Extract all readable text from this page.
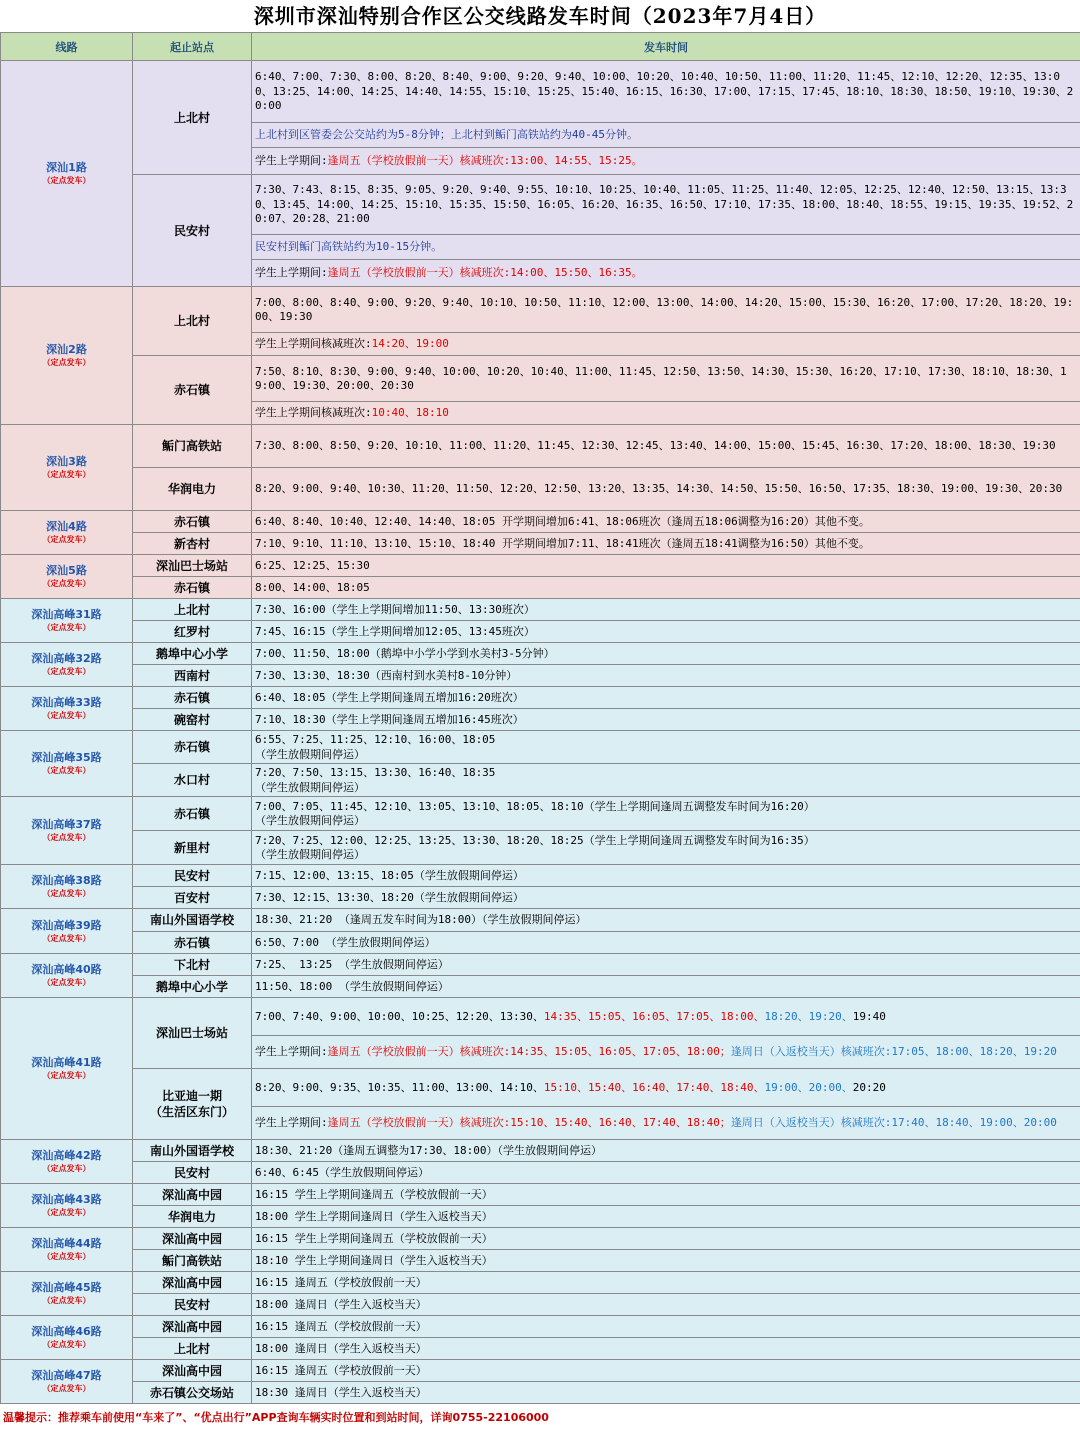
深圳市深汕特别合作区公交线路发车时间（2023年7月4日）
线路	起止站点	发车时间

深汕1路
（定点发车）	上北村	6:40、7:00、7:30、8:00、8:20、8:40、9:00、9:20、9:40、10:00、10:20、10:40、10:50、11:00、11:20、11:45、12:10、12:20、12:35、13:00、13:25、14:00、14:25、14:40、14:55、15:10、15:25、15:40、16:15、16:30、17:00、17:15、17:45、18:10、18:30、18:50、19:10、19:30、20:00
		上北村到区管委会公交站约为5-8分钟；上北村到鲘门高铁站约为40-45分钟。
		学生上学期间:逢周五（学校放假前一天）核减班次:13:00、14:55、15:25。
	民安村	7:30、7:43、8:15、8:35、9:05、9:20、9:40、9:55、10:10、10:25、10:40、11:05、11:25、11:40、12:05、12:25、12:40、12:50、13:15、13:30、13:45、14:00、14:25、15:10、15:35、15:50、16:05、16:20、16:35、16:50、17:10、17:35、18:00、18:40、18:55、19:15、19:35、19:52、20:07、20:28、21:00
		民安村到鲘门高铁站约为10-15分钟。
		学生上学期间:逢周五（学校放假前一天）核减班次:14:00、15:50、16:35。

深汕2路
（定点发车）	上北村	7:00、8:00、8:40、9:00、9:20、9:40、10:10、10:50、11:10、12:00、13:00、14:00、14:20、15:00、15:30、16:20、17:00、17:20、18:20、19:00、19:30
		学生上学期间核减班次:14:20、19:00
	赤石镇	7:50、8:10、8:30、9:00、9:40、10:00、10:20、10:40、11:00、11:45、12:50、13:50、14:30、15:30、16:20、17:10、17:30、18:10、18:30、19:00、19:30、20:00、20:30
		学生上学期间核减班次:10:40、18:10

深汕3路
（定点发车）	鲘门高铁站	7:30、8:00、8:50、9:20、10:10、11:00、11:20、11:45、12:30、12:45、13:40、14:00、15:00、15:45、16:30、17:20、18:00、18:30、19:30
	华润电力	8:20、9:00、9:40、10:30、11:20、11:50、12:20、12:50、13:20、13:35、14:30、14:50、15:50、16:50、17:35、18:30、19:00、19:30、20:30

深汕4路
（定点发车）	赤石镇	6:40、8:40、10:40、12:40、14:40、18:05 开学期间增加6:41、18:06班次（逢周五18:06调整为16:20）其他不变。
	新杏村	7:10、9:10、11:10、13:10、15:10、18:40 开学期间增加7:11、18:41班次（逢周五18:41调整为16:50）其他不变。

深汕5路
（定点发车）	深汕巴士场站	6:25、12:25、15:30
	赤石镇	8:00、14:00、18:05

深汕高峰31路
（定点发车）	上北村	7:30、16:00（学生上学期间增加11:50、13:30班次）
	红罗村	7:45、16:15（学生上学期间增加12:05、13:45班次）

深汕高峰32路
（定点发车）	鹅埠中心小学	7:00、11:50、18:00（鹅埠中小学小学到水美村3-5分钟）
	西南村	7:30、13:30、18:30（西南村到水美村8-10分钟）

深汕高峰33路
（定点发车）	赤石镇	6:40、18:05（学生上学期间逢周五增加16:20班次）
	碗窑村	7:10、18:30（学生上学期间逢周五增加16:45班次）

深汕高峰35路
（定点发车）	赤石镇	6:55、7:25、11:25、12:10、16:00、18:05
（学生放假期间停运）
	水口村	7:20、7:50、13:15、13:30、16:40、18:35
（学生放假期间停运）

深汕高峰37路
（定点发车）	赤石镇	7:00、7:05、11:45、12:10、13:05、13:10、18:05、18:10（学生上学期间逢周五调整发车时间为16:20）
（学生放假期间停运）
	新里村	7:20、7:25、12:00、12:25、13:25、13:30、18:20、18:25（学生上学期间逢周五调整发车时间为16:35）
（学生放假期间停运）

深汕高峰38路
（定点发车）	民安村	7:15、12:00、13:15、18:05（学生放假期间停运）
	百安村	7:30、12:15、13:30、18:20（学生放假期间停运）

深汕高峰39路
（定点发车）	南山外国语学校	18:30、21:20 （逢周五发车时间为18:00）（学生放假期间停运）
	赤石镇	6:50、7:00 （学生放假期间停运）

深汕高峰40路
（定点发车）	下北村	7:25、 13:25 （学生放假期间停运）
	鹅埠中心小学	11:50、18:00 （学生放假期间停运）

深汕高峰41路
（定点发车）	深汕巴士场站	7:00、7:40、9:00、10:00、10:25、12:20、13:30、14:35、15:05、16:05、17:05、18:00、18:20、19:20、19:40
		学生上学期间:逢周五（学校放假前一天）核减班次:14:35、15:05、16:05、17:05、18:00；逢周日（入返校当天）核减班次:17:05、18:00、18:20、19:20
	比亚迪一期
（生活区东门）	8:20、9:00、9:35、10:35、11:00、13:00、14:10、15:10、15:40、16:40、17:40、18:40、19:00、20:00、20:20
		学生上学期间:逢周五（学校放假前一天）核减班次:15:10、15:40、16:40、17:40、18:40；逢周日（入返校当天）核减班次:17:40、18:40、19:00、20:00

深汕高峰42路
（定点发车）	南山外国语学校	18:30、21:20（逢周五调整为17:30、18:00）（学生放假期间停运）
	民安村	6:40、6:45（学生放假期间停运）

深汕高峰43路
（定点发车）	深汕高中园	16:15 学生上学期间逢周五（学校放假前一天）
	华润电力	18:00 学生上学期间逢周日（学生入返校当天）

深汕高峰44路
（定点发车）	深汕高中园	16:15 学生上学期间逢周五（学校放假前一天）
	鲘门高铁站	18:10 学生上学期间逢周日（学生入返校当天）

深汕高峰45路
（定点发车）	深汕高中园	16:15 逢周五（学校放假前一天）
	民安村	18:00 逢周日（学生入返校当天）

深汕高峰46路
（定点发车）	深汕高中园	16:15 逢周五（学校放假前一天）
	上北村	18:00 逢周日（学生入返校当天）

深汕高峰47路
（定点发车）	深汕高中园	16:15 逢周五（学校放假前一天）
	赤石镇公交场站	18:30 逢周日（学生入返校当天）
温馨提示：推荐乘车前使用“车来了”、“优点出行”APP查询车辆实时位置和到站时间，详询0755-22106000
